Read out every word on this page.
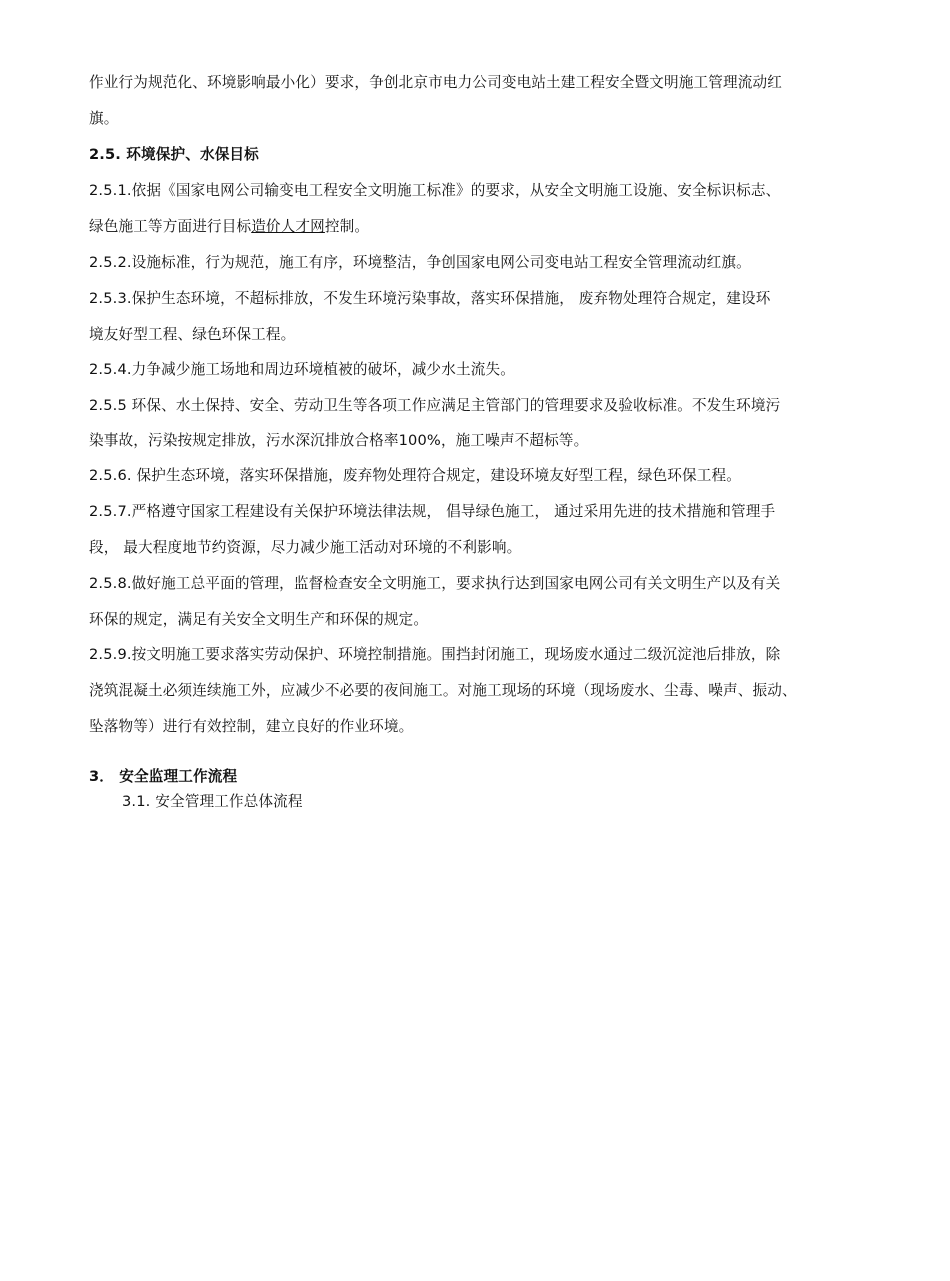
作业行为规范化、环境影响最小化）要求，争创北京市电力公司变电站土建工程安全暨文明施工管理流动红
旗。
2.5. 环境保护、水保目标
2.5.1.依据《国家电网公司输变电工程安全文明施工标准》的要求，从安全文明施工设施、安全标识标志、
绿色施工等方面进行目标造价人才网控制。
2.5.2.设施标准，行为规范，施工有序，环境整洁，争创国家电网公司变电站工程安全管理流动红旗。
2.5.3.保护生态环境，不超标排放，不发生环境污染事故，落实环保措施， 废弃物处理符合规定，建设环
境友好型工程、绿色环保工程。
2.5.4.力争减少施工场地和周边环境植被的破坏，减少水土流失。
2.5.5 环保、水土保持、安全、劳动卫生等各项工作应满足主管部门的管理要求及验收标准。不发生环境污
染事故，污染按规定排放，污水深沉排放合格率100%，施工噪声不超标等。
2.5.6. 保护生态环境，落实环保措施，废弃物处理符合规定，建设环境友好型工程，绿色环保工程。
2.5.7.严格遵守国家工程建设有关保护环境法律法规， 倡导绿色施工， 通过采用先进的技术措施和管理手
段， 最大程度地节约资源，尽力减少施工活动对环境的不利影响。
2.5.8.做好施工总平面的管理，监督检查安全文明施工，要求执行达到国家电网公司有关文明生产以及有关
环保的规定，满足有关安全文明生产和环保的规定。
2.5.9.按文明施工要求落实劳动保护、环境控制措施。围挡封闭施工，现场废水通过二级沉淀池后排放，除
浇筑混凝土必须连续施工外，应减少不必要的夜间施工。对施工现场的环境（现场废水、尘毒、噪声、振动、
坠落物等）进行有效控制，建立良好的作业环境。
3． 安全监理工作流程
3.1. 安全管理工作总体流程
